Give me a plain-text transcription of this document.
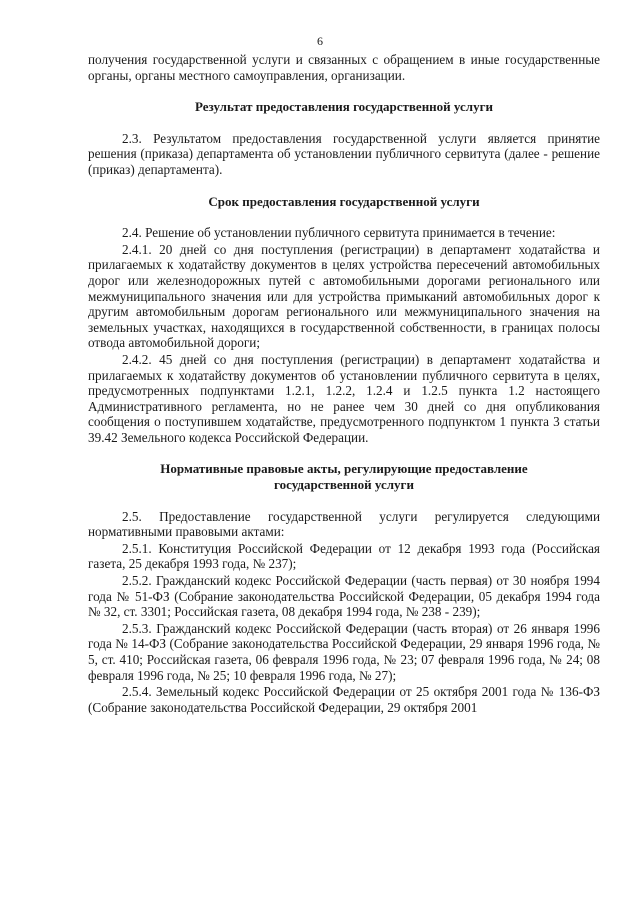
6

получения государственной услуги и связанных с обращением в иные государственные органы, органы местного самоуправления, организации.

Результат предоставления государственной услуги

2.3. Результатом предоставления государственной услуги является принятие решения (приказа) департамента об установлении публичного сервитута (далее - решение (приказ) департамента).

Срок предоставления государственной услуги

2.4. Решение об установлении публичного сервитута принимается в течение:

2.4.1. 20 дней со дня поступления (регистрации) в департамент ходатайства и прилагаемых к ходатайству документов в целях устройства пересечений автомобильных дорог или железнодорожных путей с автомобильными дорогами регионального или межмуниципального значения или для устройства примыканий автомобильных дорог к другим автомобильным дорогам регионального или межмуниципального значения на земельных участках, находящихся в государственной собственности, в границах полосы отвода автомобильной дороги;

2.4.2. 45 дней со дня поступления (регистрации) в департамент ходатайства и прилагаемых к ходатайству документов об установлении публичного сервитута в целях, предусмотренных подпунктами 1.2.1, 1.2.2, 1.2.4 и 1.2.5 пункта 1.2 настоящего Административного регламента, но не ранее чем 30 дней со дня опубликования сообщения о поступившем ходатайстве, предусмотренного подпунктом 1 пункта 3 статьи 39.42 Земельного кодекса Российской Федерации.

Нормативные правовые акты, регулирующие предоставление
государственной услуги

2.5. Предоставление государственной услуги регулируется следующими нормативными правовыми актами:

2.5.1. Конституция Российской Федерации от 12 декабря 1993 года (Российская газета, 25 декабря 1993 года, № 237);

2.5.2. Гражданский кодекс Российской Федерации (часть первая) от 30 ноября 1994 года № 51-ФЗ (Собрание законодательства Российской Федерации, 05 декабря 1994 года № 32, ст. 3301; Российская газета, 08 декабря 1994 года, № 238 - 239);

2.5.3. Гражданский кодекс Российской Федерации (часть вторая) от 26 января 1996 года № 14-ФЗ (Собрание законодательства Российской Федерации, 29 января 1996 года, № 5, ст. 410; Российская газета, 06 февраля 1996 года, № 23; 07 февраля 1996 года, № 24; 08 февраля 1996 года, № 25; 10 февраля 1996 года, № 27);

2.5.4. Земельный кодекс Российской Федерации от 25 октября 2001 года № 136-ФЗ (Собрание законодательства Российской Федерации, 29 октября 2001
